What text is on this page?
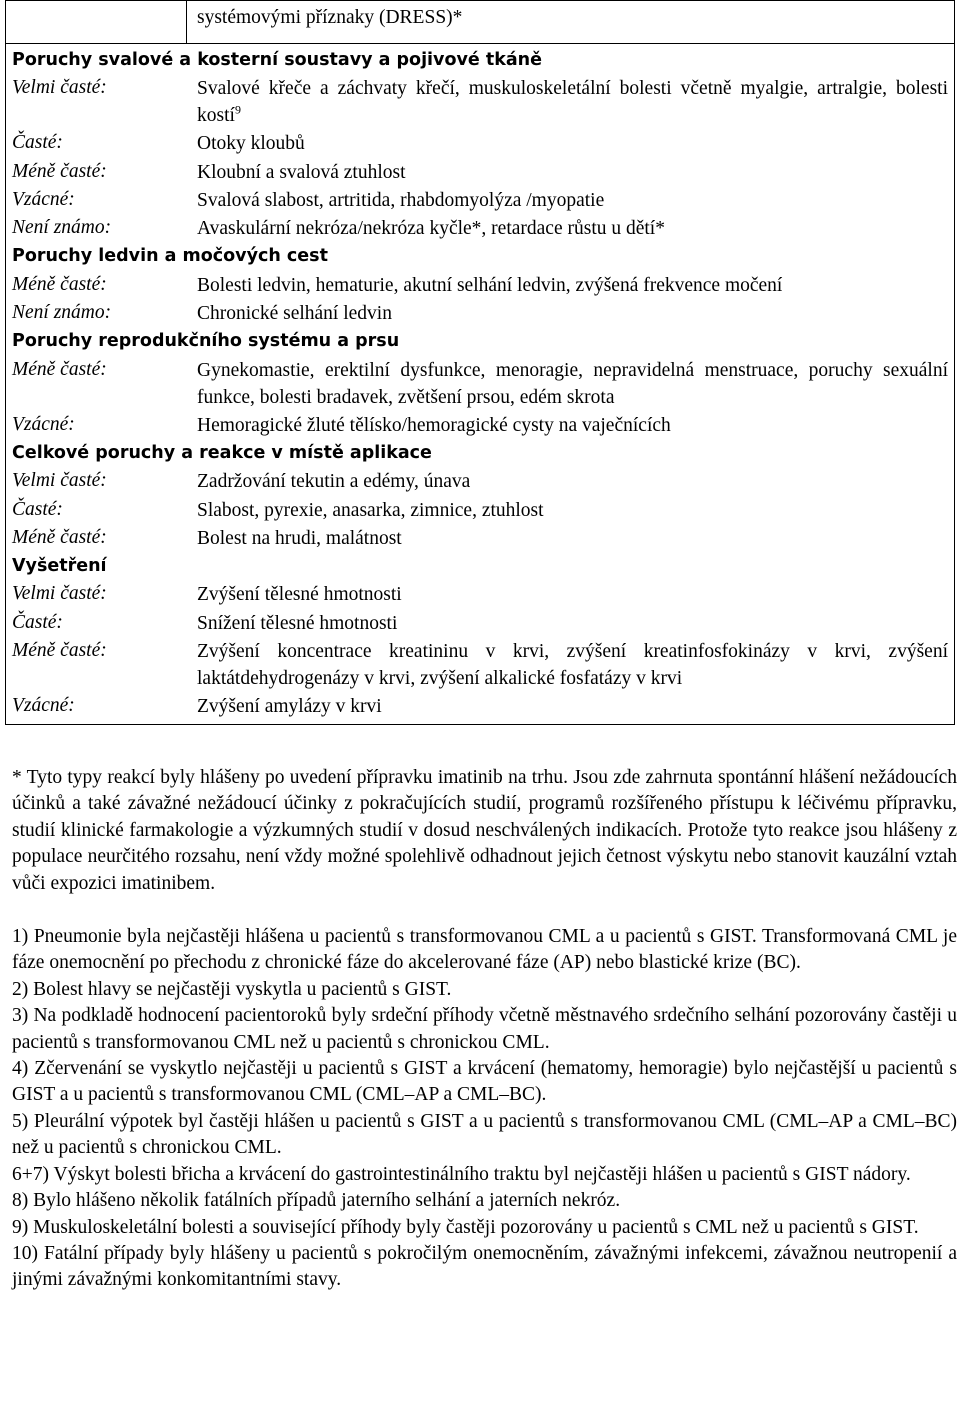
	systémovými příznaky (DRESS)*

Poruchy svalové a kosterní soustavy a pojivové tkáně
Velmi časté:	Svalové křeče a záchvaty křečí, muskuloskeletální bolesti včetně myalgie, artralgie, bolesti kostí$^9$
Časté:	Otoky kloubů
Méně časté:	Kloubní a svalová ztuhlost
Vzácné:	Svalová slabost, artritida, rhabdomyolýza /myopatie
Není známo:	Avaskulární nekróza/nekróza kyčle*, retardace růstu u dětí*
Poruchy ledvin a močových cest
Méně časté:	Bolesti ledvin, hematurie, akutní selhání ledvin, zvýšená frekvence močení
Není známo:	Chronické selhání ledvin
Poruchy reprodukčního systému a prsu
Méně časté:	Gynekomastie, erektilní dysfunkce, menoragie, nepravidelná menstruace, poruchy sexuální funkce, bolesti bradavek, zvětšení prsou, edém skrota
Vzácné:	Hemoragické žluté tělísko/hemoragické cysty na vaječnících
Celkové poruchy a reakce v místě aplikace
Velmi časté:	Zadržování tekutin a edémy, únava
Časté:	Slabost, pyrexie, anasarka, zimnice, ztuhlost
Méně časté:	Bolest na hrudi, malátnost
Vyšetření
Velmi časté:	Zvýšení tělesné hmotnosti
Časté:	Snížení tělesné hmotnosti
Méně časté:	Zvýšení koncentrace kreatininu v krvi, zvýšení kreatinfosfokinázy v krvi, zvýšení laktátdehydrogenázy v krvi, zvýšení alkalické fosfatázy v krvi
Vzácné:	Zvýšení amylázy v krvi

* Tyto typy reakcí byly hlášeny po uvedení přípravku imatinib na trhu. Jsou zde zahrnuta spontánní hlášení nežádoucích účinků a také závažné nežádoucí účinky z pokračujících studií, programů rozšířeného přístupu k léčivému přípravku, studií klinické farmakologie a výzkumných studií v dosud neschválených indikacích. Protože tyto reakce jsou hlášeny z populace neurčitého rozsahu, není vždy možné spolehlivě odhadnout jejich četnost výskytu nebo stanovit kauzální vztah vůči expozici imatinibem.

1) Pneumonie byla nejčastěji hlášena u pacientů s transformovanou CML a u pacientů s GIST. Transformovaná CML je fáze onemocnění po přechodu z chronické fáze do akcelerované fáze (AP) nebo blastické krize (BC).

2) Bolest hlavy se nejčastěji vyskytla u pacientů s GIST.

3) Na podkladě hodnocení pacientoroků byly srdeční příhody včetně městnavého srdečního selhání pozorovány častěji u pacientů s transformovanou CML než u pacientů s chronickou CML.

4) Zčervenání se vyskytlo nejčastěji u pacientů s GIST a krvácení (hematomy, hemoragie) bylo nejčastější u pacientů s GIST a u pacientů s transformovanou CML (CML–AP a CML–BC).

5) Pleurální výpotek byl častěji hlášen u pacientů s GIST a u pacientů s transformovanou CML (CML–AP a CML–BC) než u pacientů s chronickou CML.

6+7) Výskyt bolesti břicha a krvácení do gastrointestinálního traktu byl nejčastěji hlášen u pacientů s GIST nádory.

8) Bylo hlášeno několik fatálních případů jaterního selhání a jaterních nekróz.

9) Muskuloskeletální bolesti a související příhody byly častěji pozorovány u pacientů s CML než u pacientů s GIST.

10) Fatální případy byly hlášeny u pacientů s pokročilým onemocněním, závažnými infekcemi, závažnou neutropenií a jinými závažnými konkomitantními stavy.
